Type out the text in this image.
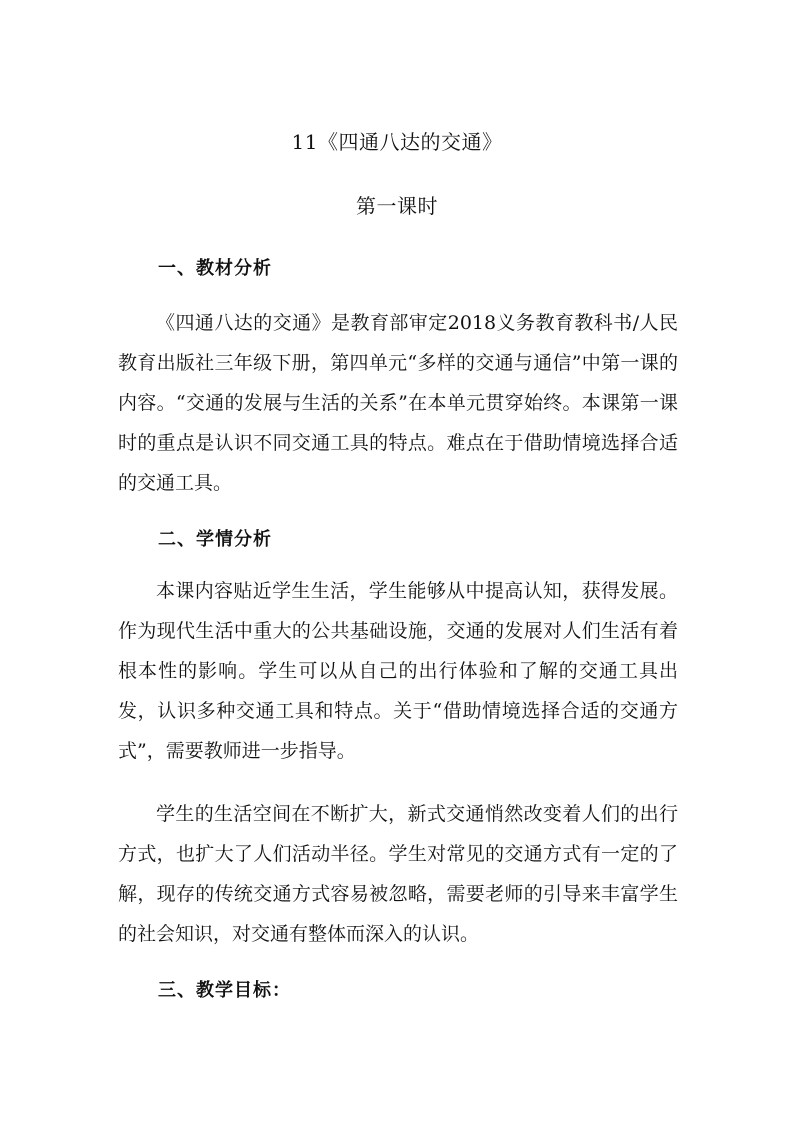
11《四通八达的交通》
第一课时
一、教材分析
《四通八达的交通》是教育部审定2018义务教育教科书/人民教育出版社三年级下册，第四单元“多样的交通与通信”中第一课的内容。“交通的发展与生活的关系”在本单元贯穿始终。本课第一课时的重点是认识不同交通工具的特点。难点在于借助情境选择合适的交通工具。
二、学情分析
本课内容贴近学生生活，学生能够从中提高认知，获得发展。作为现代生活中重大的公共基础设施，交通的发展对人们生活有着根本性的影响。学生可以从自己的出行体验和了解的交通工具出发，认识多种交通工具和特点。关于“借助情境选择合适的交通方式”，需要教师进一步指导。
学生的生活空间在不断扩大，新式交通悄然改变着人们的出行方式，也扩大了人们活动半径。学生对常见的交通方式有一定的了解，现存的传统交通方式容易被忽略，需要老师的引导来丰富学生的社会知识，对交通有整体而深入的认识。
三、教学目标：
